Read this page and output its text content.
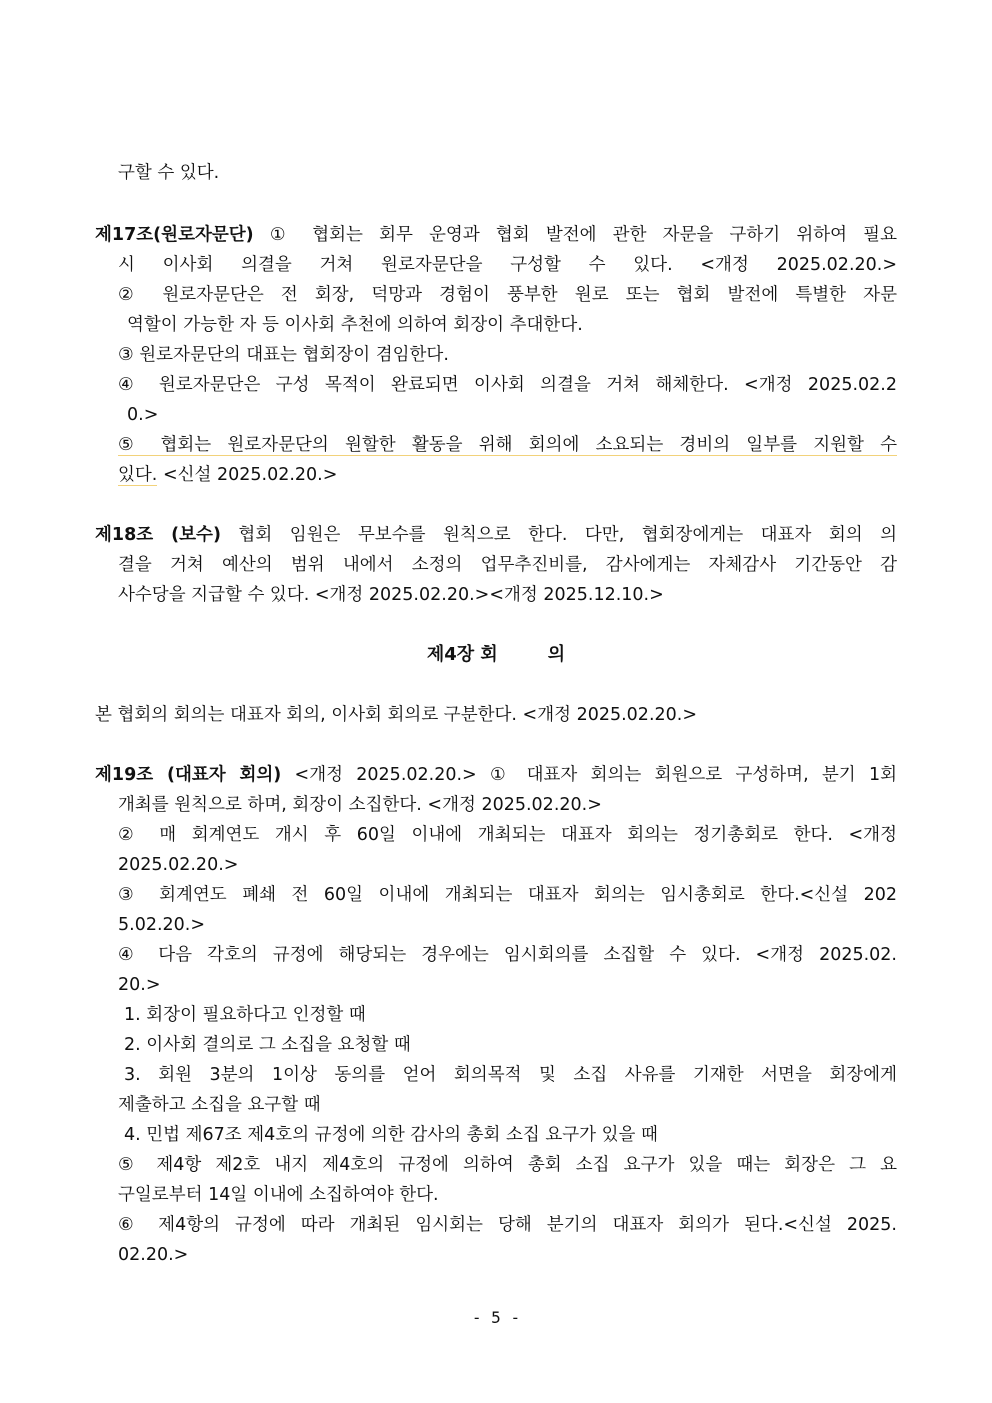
구할 수 있다.
제17조(원로자문단) ① 협회는 회무 운영과 협회 발전에 관한 자문을 구하기 위하여 필요
시 이사회 의결을 거쳐 원로자문단을 구성할 수 있다. <개정 2025.02.20.>
② 원로자문단은 전 회장, 덕망과 경험이 풍부한 원로 또는 협회 발전에 특별한 자문
역할이 가능한 자 등 이사회 추천에 의하여 회장이 추대한다.
③ 원로자문단의 대표는 협회장이 겸임한다.
④ 원로자문단은 구성 목적이 완료되면 이사회 의결을 거쳐 해체한다. <개정 2025.02.2
0.>
⑤ 협회는 원로자문단의 원할한 활동을 위해 회의에 소요되는 경비의 일부를 지원할 수
있다. <신설 2025.02.20.>
제18조 (보수) 협회 임원은 무보수를 원칙으로 한다. 다만, 협회장에게는 대표자 회의 의
결을 거쳐 예산의 범위 내에서 소정의 업무추진비를, 감사에게는 자체감사 기간동안 감
사수당을 지급할 수 있다. <개정 2025.02.20.><개정 2025.12.10.>
제4장 회	의
본 협회의 회의는 대표자 회의, 이사회 회의로 구분한다. <개정 2025.02.20.>
제19조 (대표자 회의) <개정 2025.02.20.> ① 대표자 회의는 회원으로 구성하며, 분기 1회
개최를 원칙으로 하며, 회장이 소집한다. <개정 2025.02.20.>
② 매 회계연도 개시 후 60일 이내에 개최되는 대표자 회의는 정기총회로 한다. <개정
2025.02.20.>
③ 회계연도 폐쇄 전 60일 이내에 개최되는 대표자 회의는 임시총회로 한다.<신설 202
5.02.20.>
④ 다음 각호의 규정에 해당되는 경우에는 임시회의를 소집할 수 있다. <개정 2025.02.
20.>
1. 회장이 필요하다고 인정할 때
2. 이사회 결의로 그 소집을 요청할 때
3. 회원 3분의 1이상 동의를 얻어 회의목적 및 소집 사유를 기재한 서면을 회장에게
제출하고 소집을 요구할 때
4. 민법 제67조 제4호의 규정에 의한 감사의 총회 소집 요구가 있을 때
⑤ 제4항 제2호 내지 제4호의 규정에 의하여 총회 소집 요구가 있을 때는 회장은 그 요
구일로부터 14일 이내에 소집하여야 한다.
⑥ 제4항의 규정에 따라 개최된 임시회는 당해 분기의 대표자 회의가 된다.<신설 2025.
02.20.>
- 5 -
